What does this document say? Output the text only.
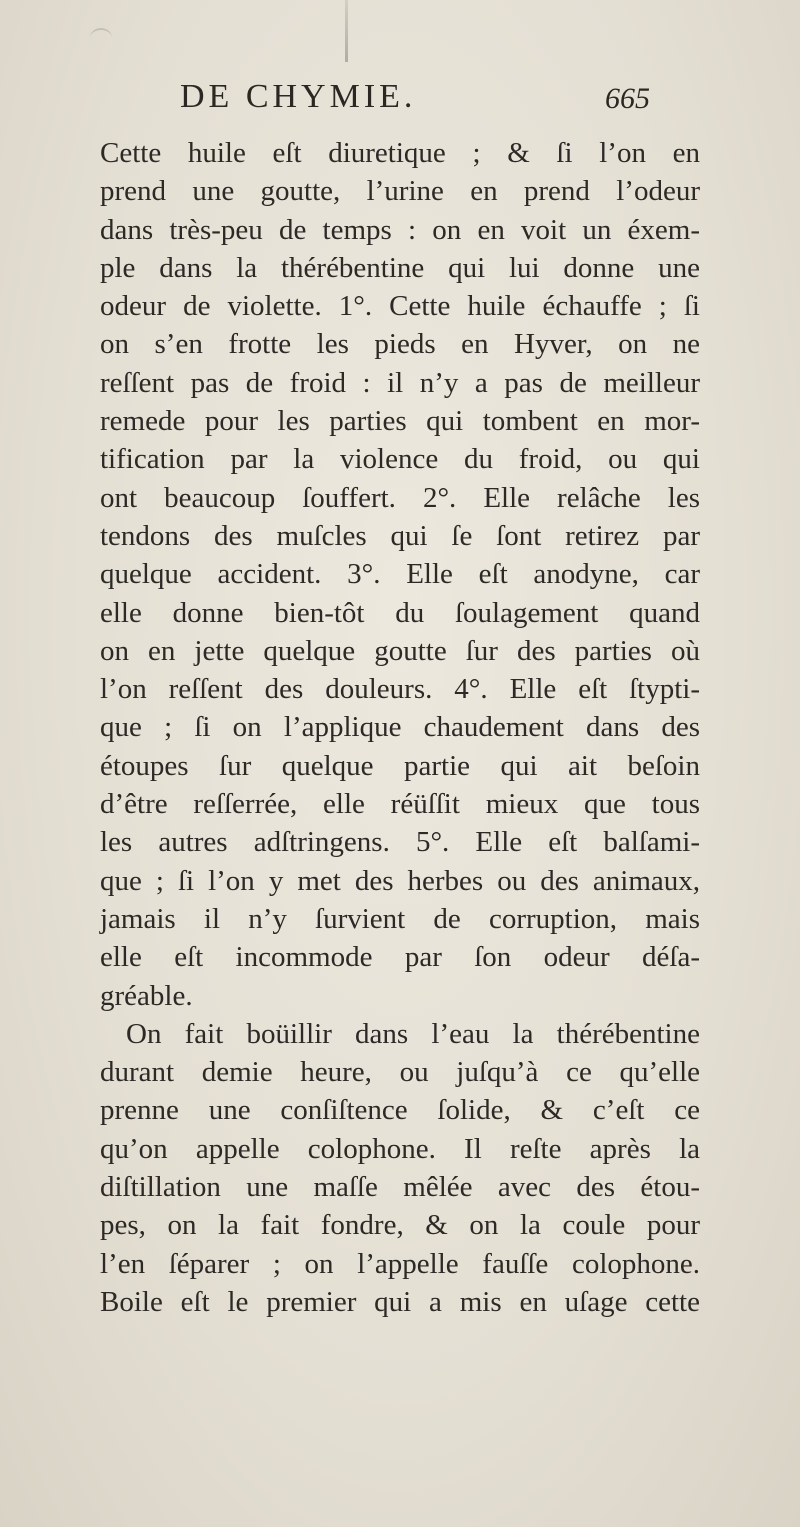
DE CHYMIE.	665
Cette huile eſt diuretique ; & ſi l’on en
prend une goutte, l’urine en prend l’odeur
dans très-peu de temps : on en voit un éxem-
ple dans la thérébentine qui lui donne une
odeur de violette. 1°. Cette huile échauffe ; ſi
on s’en frotte les pieds en Hyver, on ne
reſſent pas de froid : il n’y a pas de meilleur
remede pour les parties qui tombent en mor-
tification par la violence du froid, ou qui
ont beaucoup ſouffert. 2°. Elle relâche les
tendons des muſcles qui ſe ſont retirez par
quelque accident. 3°. Elle eſt anodyne, car
elle donne bien-tôt du ſoulagement quand
on en jette quelque goutte ſur des parties où
l’on reſſent des douleurs. 4°. Elle eſt ſtypti-
que ; ſi on l’applique chaudement dans des
étoupes ſur quelque partie qui ait beſoin
d’être reſſerrée, elle réüſſit mieux que tous
les autres adſtringens. 5°. Elle eſt balſami-
que ; ſi l’on y met des herbes ou des animaux,
jamais il n’y ſurvient de corruption, mais
elle eſt incommode par ſon odeur déſa-
gréable.
On fait boüillir dans l’eau la thérébentine
durant demie heure, ou juſqu’à ce qu’elle
prenne une conſiſtence ſolide, & c’eſt ce
qu’on appelle colophone. Il reſte après la
diſtillation une maſſe mêlée avec des étou-
pes, on la fait fondre, & on la coule pour
l’en ſéparer ; on l’appelle fauſſe colophone.
Boile eſt le premier qui a mis en uſage cette
